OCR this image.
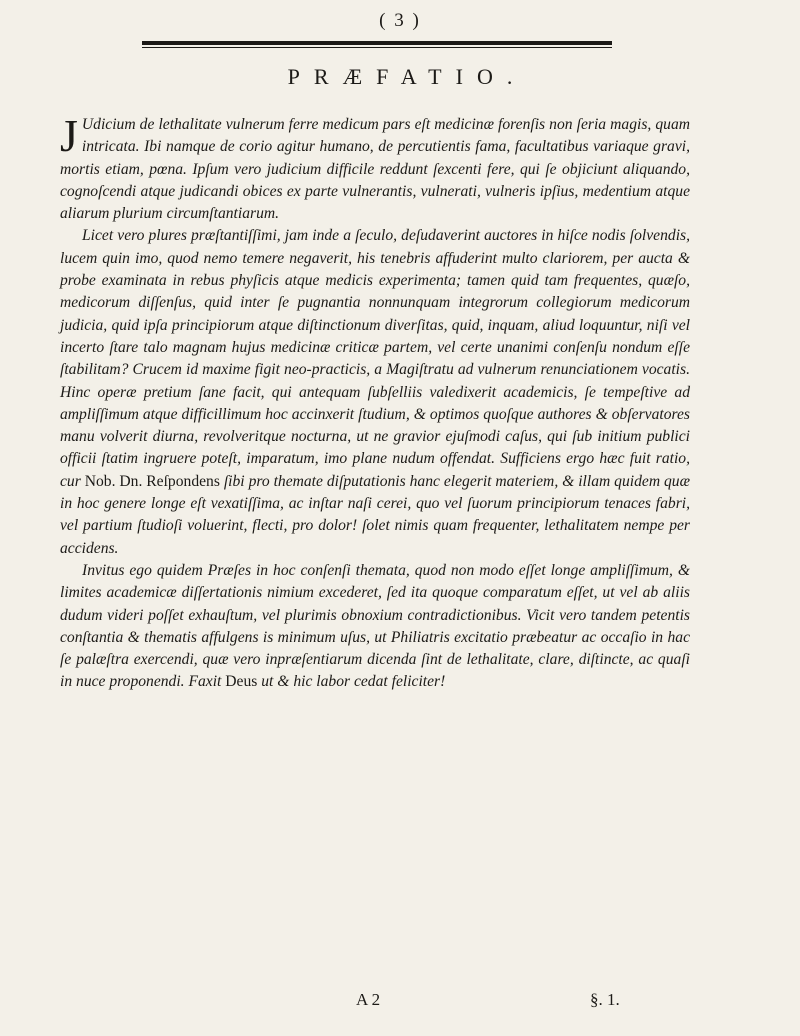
( 3 )
PRÆFATIO.

J Udicium de lethalitate vulnerum ferre medicum pars eſt medicinæ forenſis non ſeria magis, quam intricata. Ibi namque de corio agitur humano, de percutientis fama, facultatibus variaque gravi, mortis etiam, pœna. Ipſum vero judicium difficile reddunt ſexcenti fere, qui ſe objiciunt aliquando, cognoſcendi atque judicandi obices ex parte vulnerantis, vulnerati, vulneris ipſius, medentium atque aliarum plurium circumſtantiarum.

Licet vero plures præſtantiſſimi, jam inde a ſeculo, deſudaverint auctores in hiſce nodis ſolvendis, lucem quin imo, quod nemo temere negaverit, his tenebris affuderint multo clariorem, per aucta & probe examinata in rebus phyſicis atque medicis experimenta; tamen quid tam frequentes, quæſo, medicorum diſſenſus, quid inter ſe pugnantia nonnunquam integrorum collegiorum medicorum judicia, quid ipſa principiorum atque diſtinctionum diverſitas, quid, inquam, aliud loquuntur, niſi vel incerto ſtare talo magnam hujus medicinæ criticæ partem, vel certe unanimi conſenſu nondum eſſe ſtabilitam? Crucem id maxime figit neo-practicis, a Magiſtratu ad vulnerum renunciationem vocatis. Hinc operæ pretium ſane facit, qui antequam ſubſelliis valedixerit academicis, ſe tempeſtive ad ampliſſimum atque difficillimum hoc accinxerit ſtudium, & optimos quoſque authores & obſervatores manu volverit diurna, revolveritque nocturna, ut ne gravior ejuſmodi caſus, qui ſub initium publici officii ſtatim ingruere poteſt, imparatum, imo plane nudum offendat. Sufficiens ergo hæc fuit ratio, cur Nob. Dn. Reſpondens ſibi pro themate diſputationis hanc elegerit materiem, & illam quidem quæ in hoc genere longe eſt vexatiſſima, ac inſtar naſi cerei, quo vel ſuorum principiorum tenaces fabri, vel partium ſtudioſi voluerint, flecti, pro dolor! ſolet nimis quam frequenter, lethalitatem nempe per accidens.

Invitus ego quidem Præſes in hoc conſenſi themata, quod non modo eſſet longe ampliſſimum, & limites academicæ diſſertationis nimium excederet, ſed ita quoque comparatum eſſet, ut vel ab aliis dudum videri poſſet exhauſtum, vel plurimis obnoxium contradictionibus. Vicit vero tandem petentis conſtantia & thematis affulgens is minimum uſus, ut Philiatris excitatio præbeatur ac occaſio in hac ſe palæſtra exercendi, quæ vero inpræſentiarum dicenda ſint de lethalitate, clare, diſtincte, ac quaſi in nuce proponendi. Faxit Deus ut & hic labor cedat feliciter!

A 2	§. 1.
